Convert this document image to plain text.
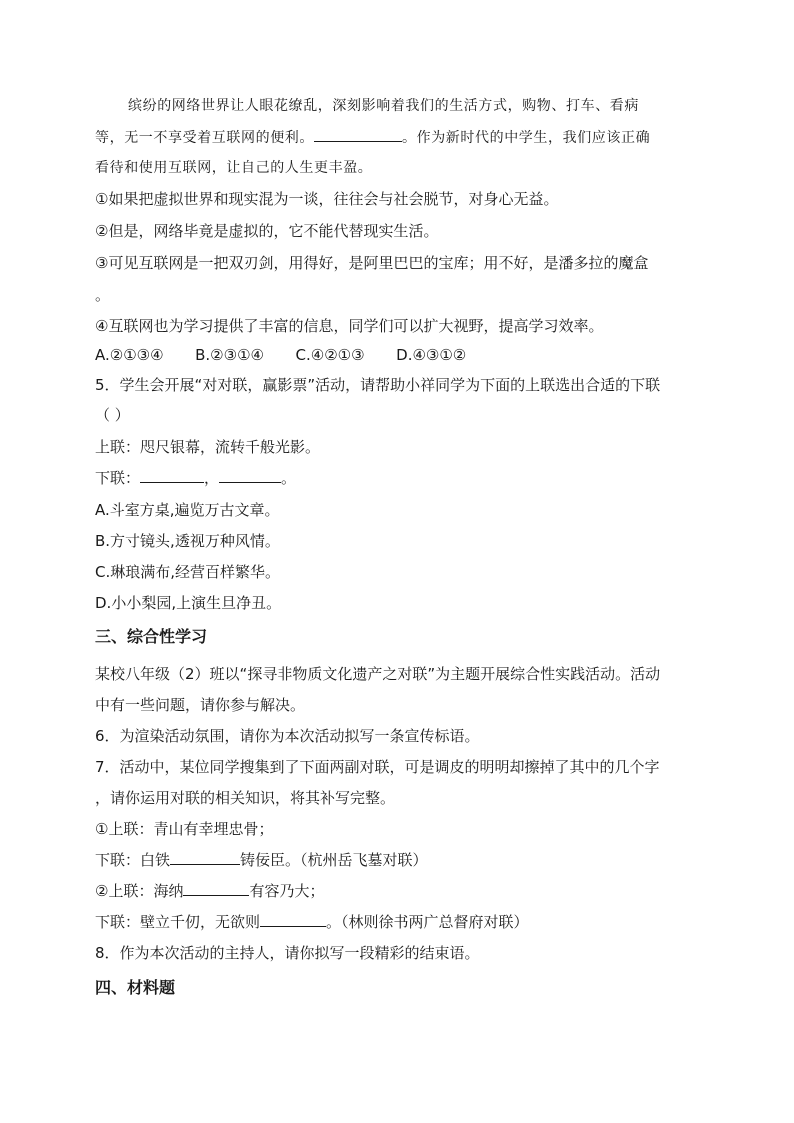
缤纷的网络世界让人眼花缭乱，深刻影响着我们的生活方式，购物、打车、看病
等，无一不享受着互联网的便利。	。作为新时代的中学生，我们应该正确
看待和使用互联网，让自己的人生更丰盈。
①如果把虚拟世界和现实混为一谈，往往会与社会脱节，对身心无益。
②但是，网络毕竟是虚拟的，它不能代替现实生活。
③可见互联网是一把双刃剑，用得好，是阿里巴巴的宝库；用不好，是潘多拉的魔盒
。
④互联网也为学习提供了丰富的信息，同学们可以扩大视野，提高学习效率。
A.②①③④ B.②③①④ C.④②①③ D.④③①②
5．学生会开展“对对联，赢影票”活动，请帮助小祥同学为下面的上联选出合适的下联
（ ）
上联：咫尺银幕，流转千般光影。
下联：	，	。
A.斗室方桌,遍览万古文章。
B.方寸镜头,透视万种风情。
C.琳琅满布,经营百样繁华。
D.小小梨园,上演生旦净丑。
三、综合性学习
某校八年级（2）班以“探寻非物质文化遗产之对联”为主题开展综合性实践活动。活动
中有一些问题，请你参与解决。
6．为渲染活动氛围，请你为本次活动拟写一条宣传标语。
7．活动中，某位同学搜集到了下面两副对联，可是调皮的明明却擦掉了其中的几个字
，请你运用对联的相关知识，将其补写完整。
①上联：青山有幸埋忠骨；
下联：白铁	铸佞臣。（杭州岳飞墓对联）
②上联：海纳	有容乃大；
下联：壁立千仞，无欲则	。（林则徐书两广总督府对联）
8．作为本次活动的主持人，请你拟写一段精彩的结束语。
四、材料题
